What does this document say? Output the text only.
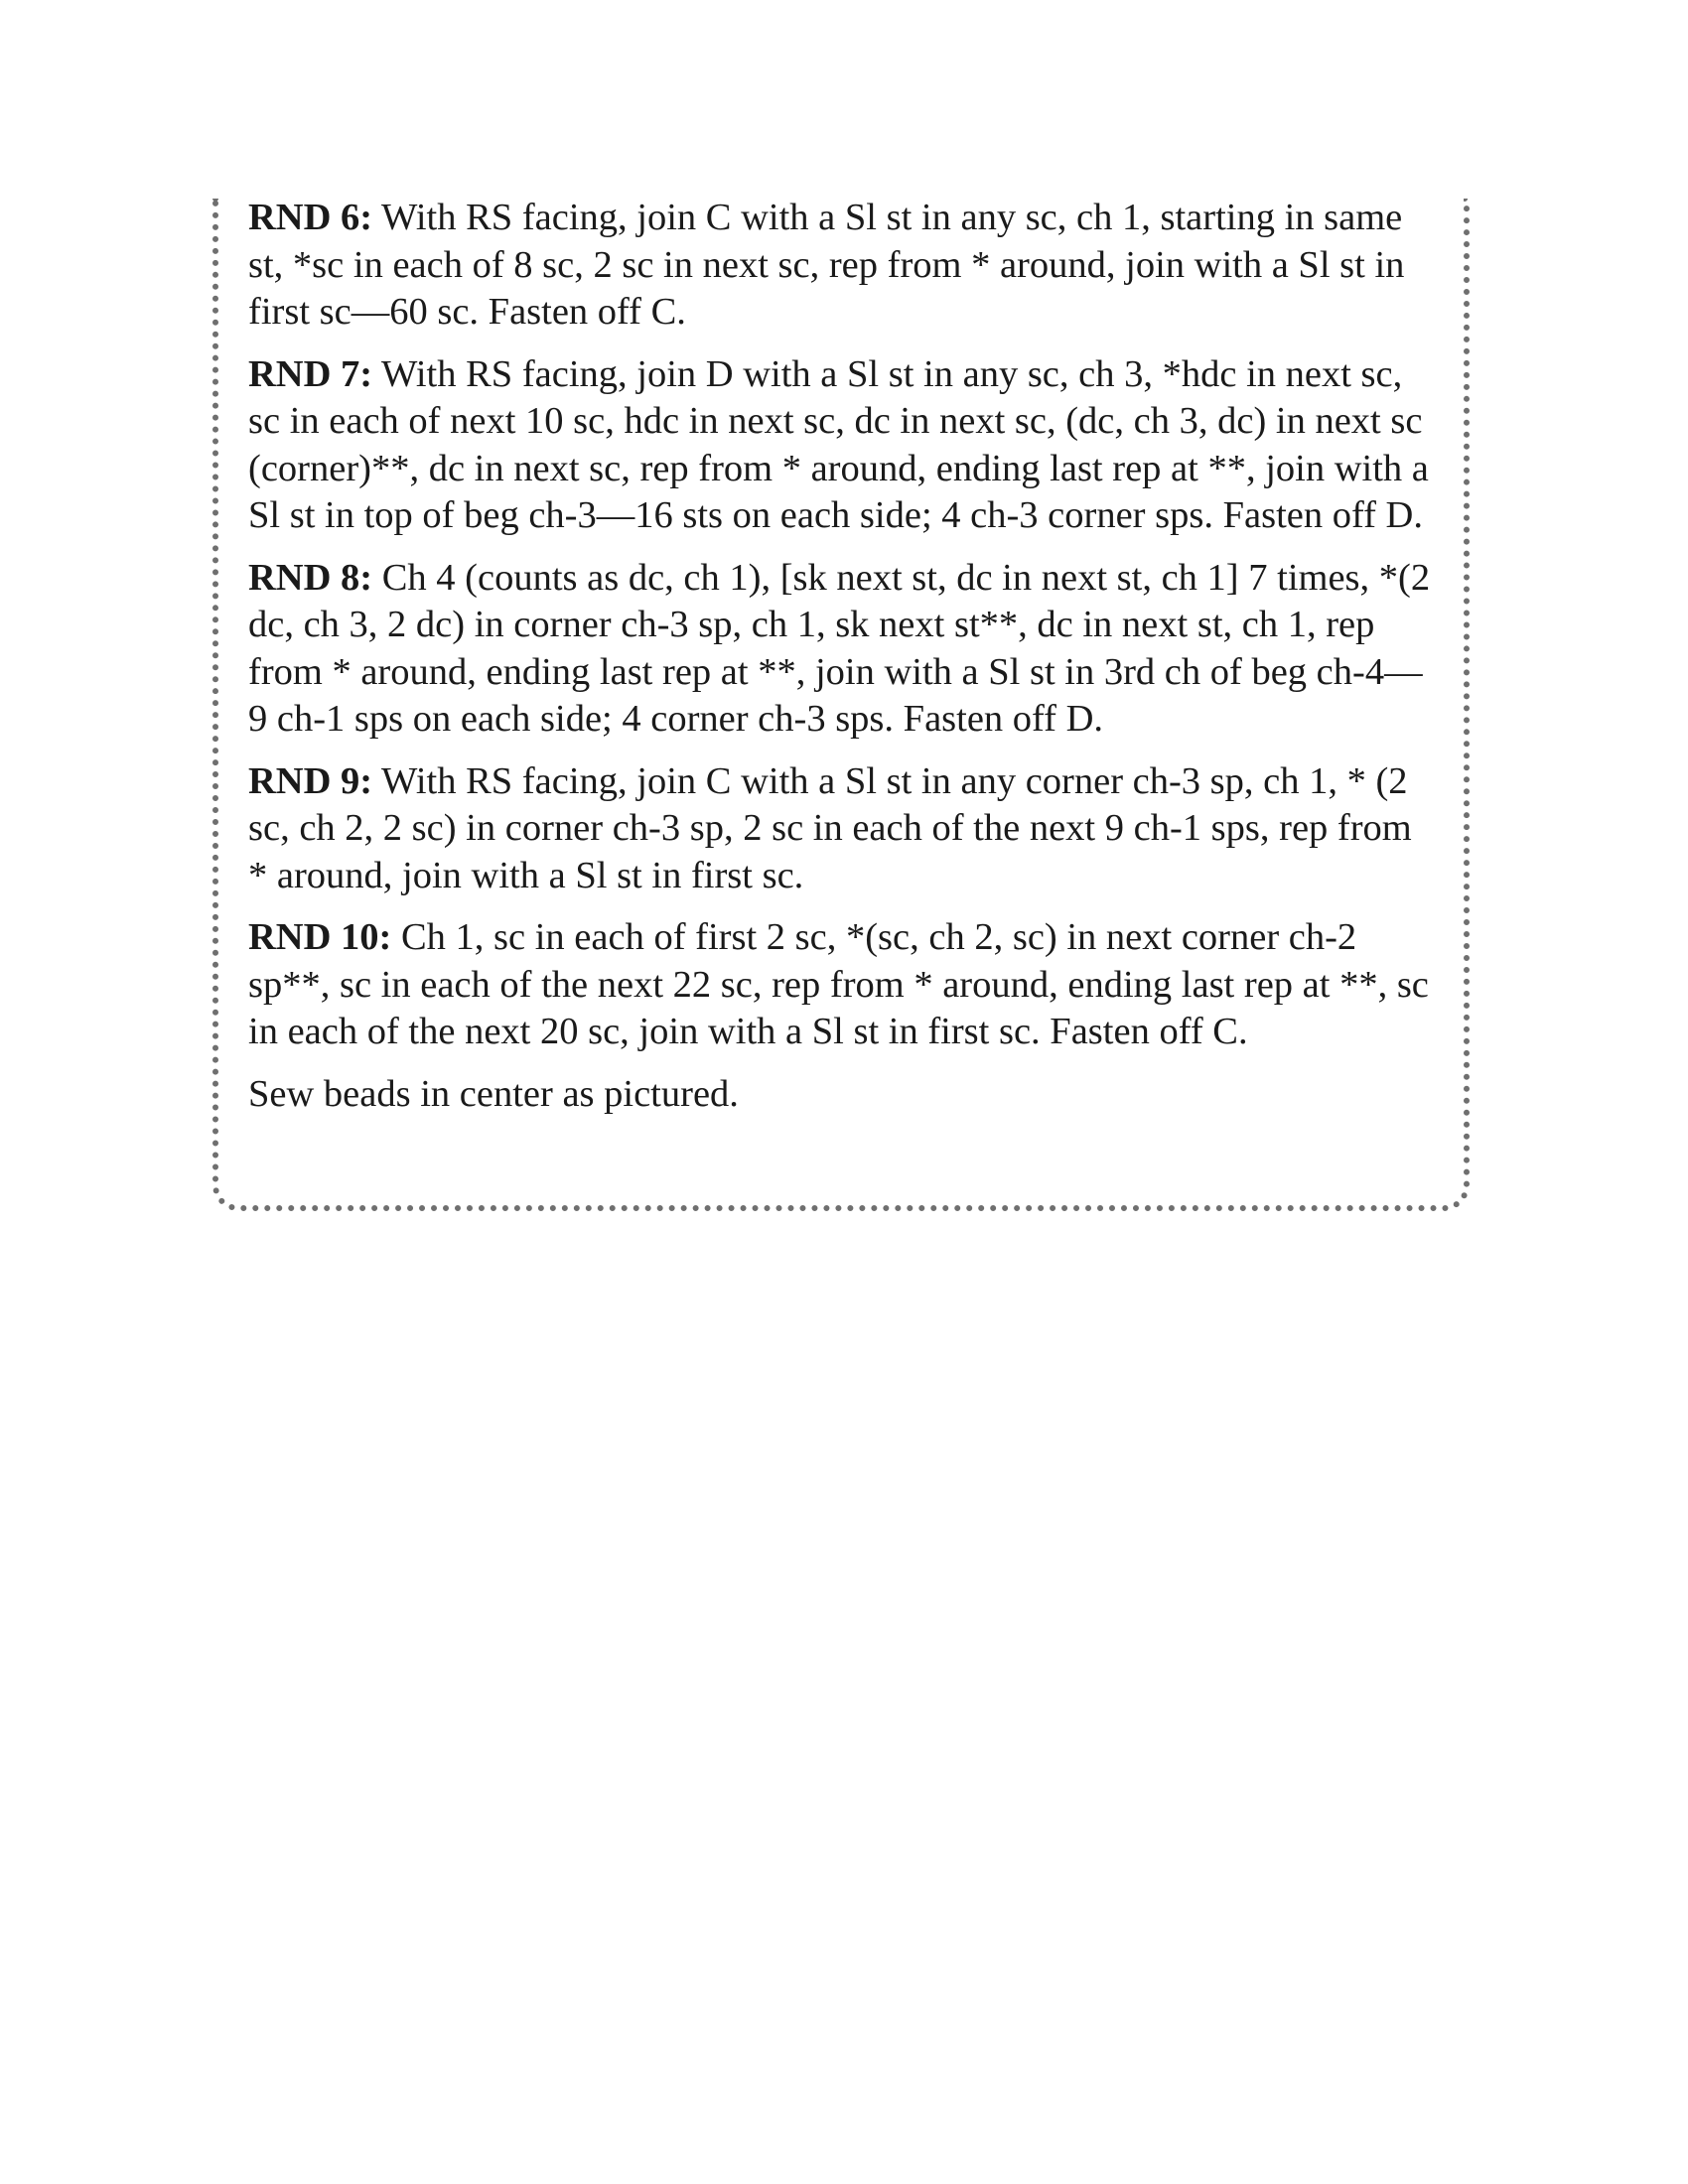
RND 6: With RS facing, join C with a Sl st in any sc, ch 1, starting in same st, *sc in each of 8 sc, 2 sc in next sc, rep from * around, join with a Sl st in first sc—60 sc. Fasten off C.

RND 7: With RS facing, join D with a Sl st in any sc, ch 3, *hdc in next sc, sc in each of next 10 sc, hdc in next sc, dc in next sc, (dc, ch 3, dc) in next sc (corner)**, dc in next sc, rep from * around, ending last rep at **, join with a Sl st in top of beg ch-3—16 sts on each side; 4 ch-3 corner sps. Fasten off D.

RND 8: Ch 4 (counts as dc, ch 1), [sk next st, dc in next st, ch 1] 7 times, *(2 dc, ch 3, 2 dc) in corner ch-3 sp, ch 1, sk next st**, dc in next st, ch 1, rep from * around, ending last rep at **, join with a Sl st in 3rd ch of beg ch-4—9 ch-1 sps on each side; 4 corner ch-3 sps. Fasten off D.

RND 9: With RS facing, join C with a Sl st in any corner ch-3 sp, ch 1, * (2 sc, ch 2, 2 sc) in corner ch-3 sp, 2 sc in each of the next 9 ch-1 sps, rep from * around, join with a Sl st in first sc.

RND 10: Ch 1, sc in each of first 2 sc, *(sc, ch 2, sc) in next corner ch-2 sp**, sc in each of the next 22 sc, rep from * around, ending last rep at **, sc in each of the next 20 sc, join with a Sl st in first sc. Fasten off C.

Sew beads in center as pictured.
